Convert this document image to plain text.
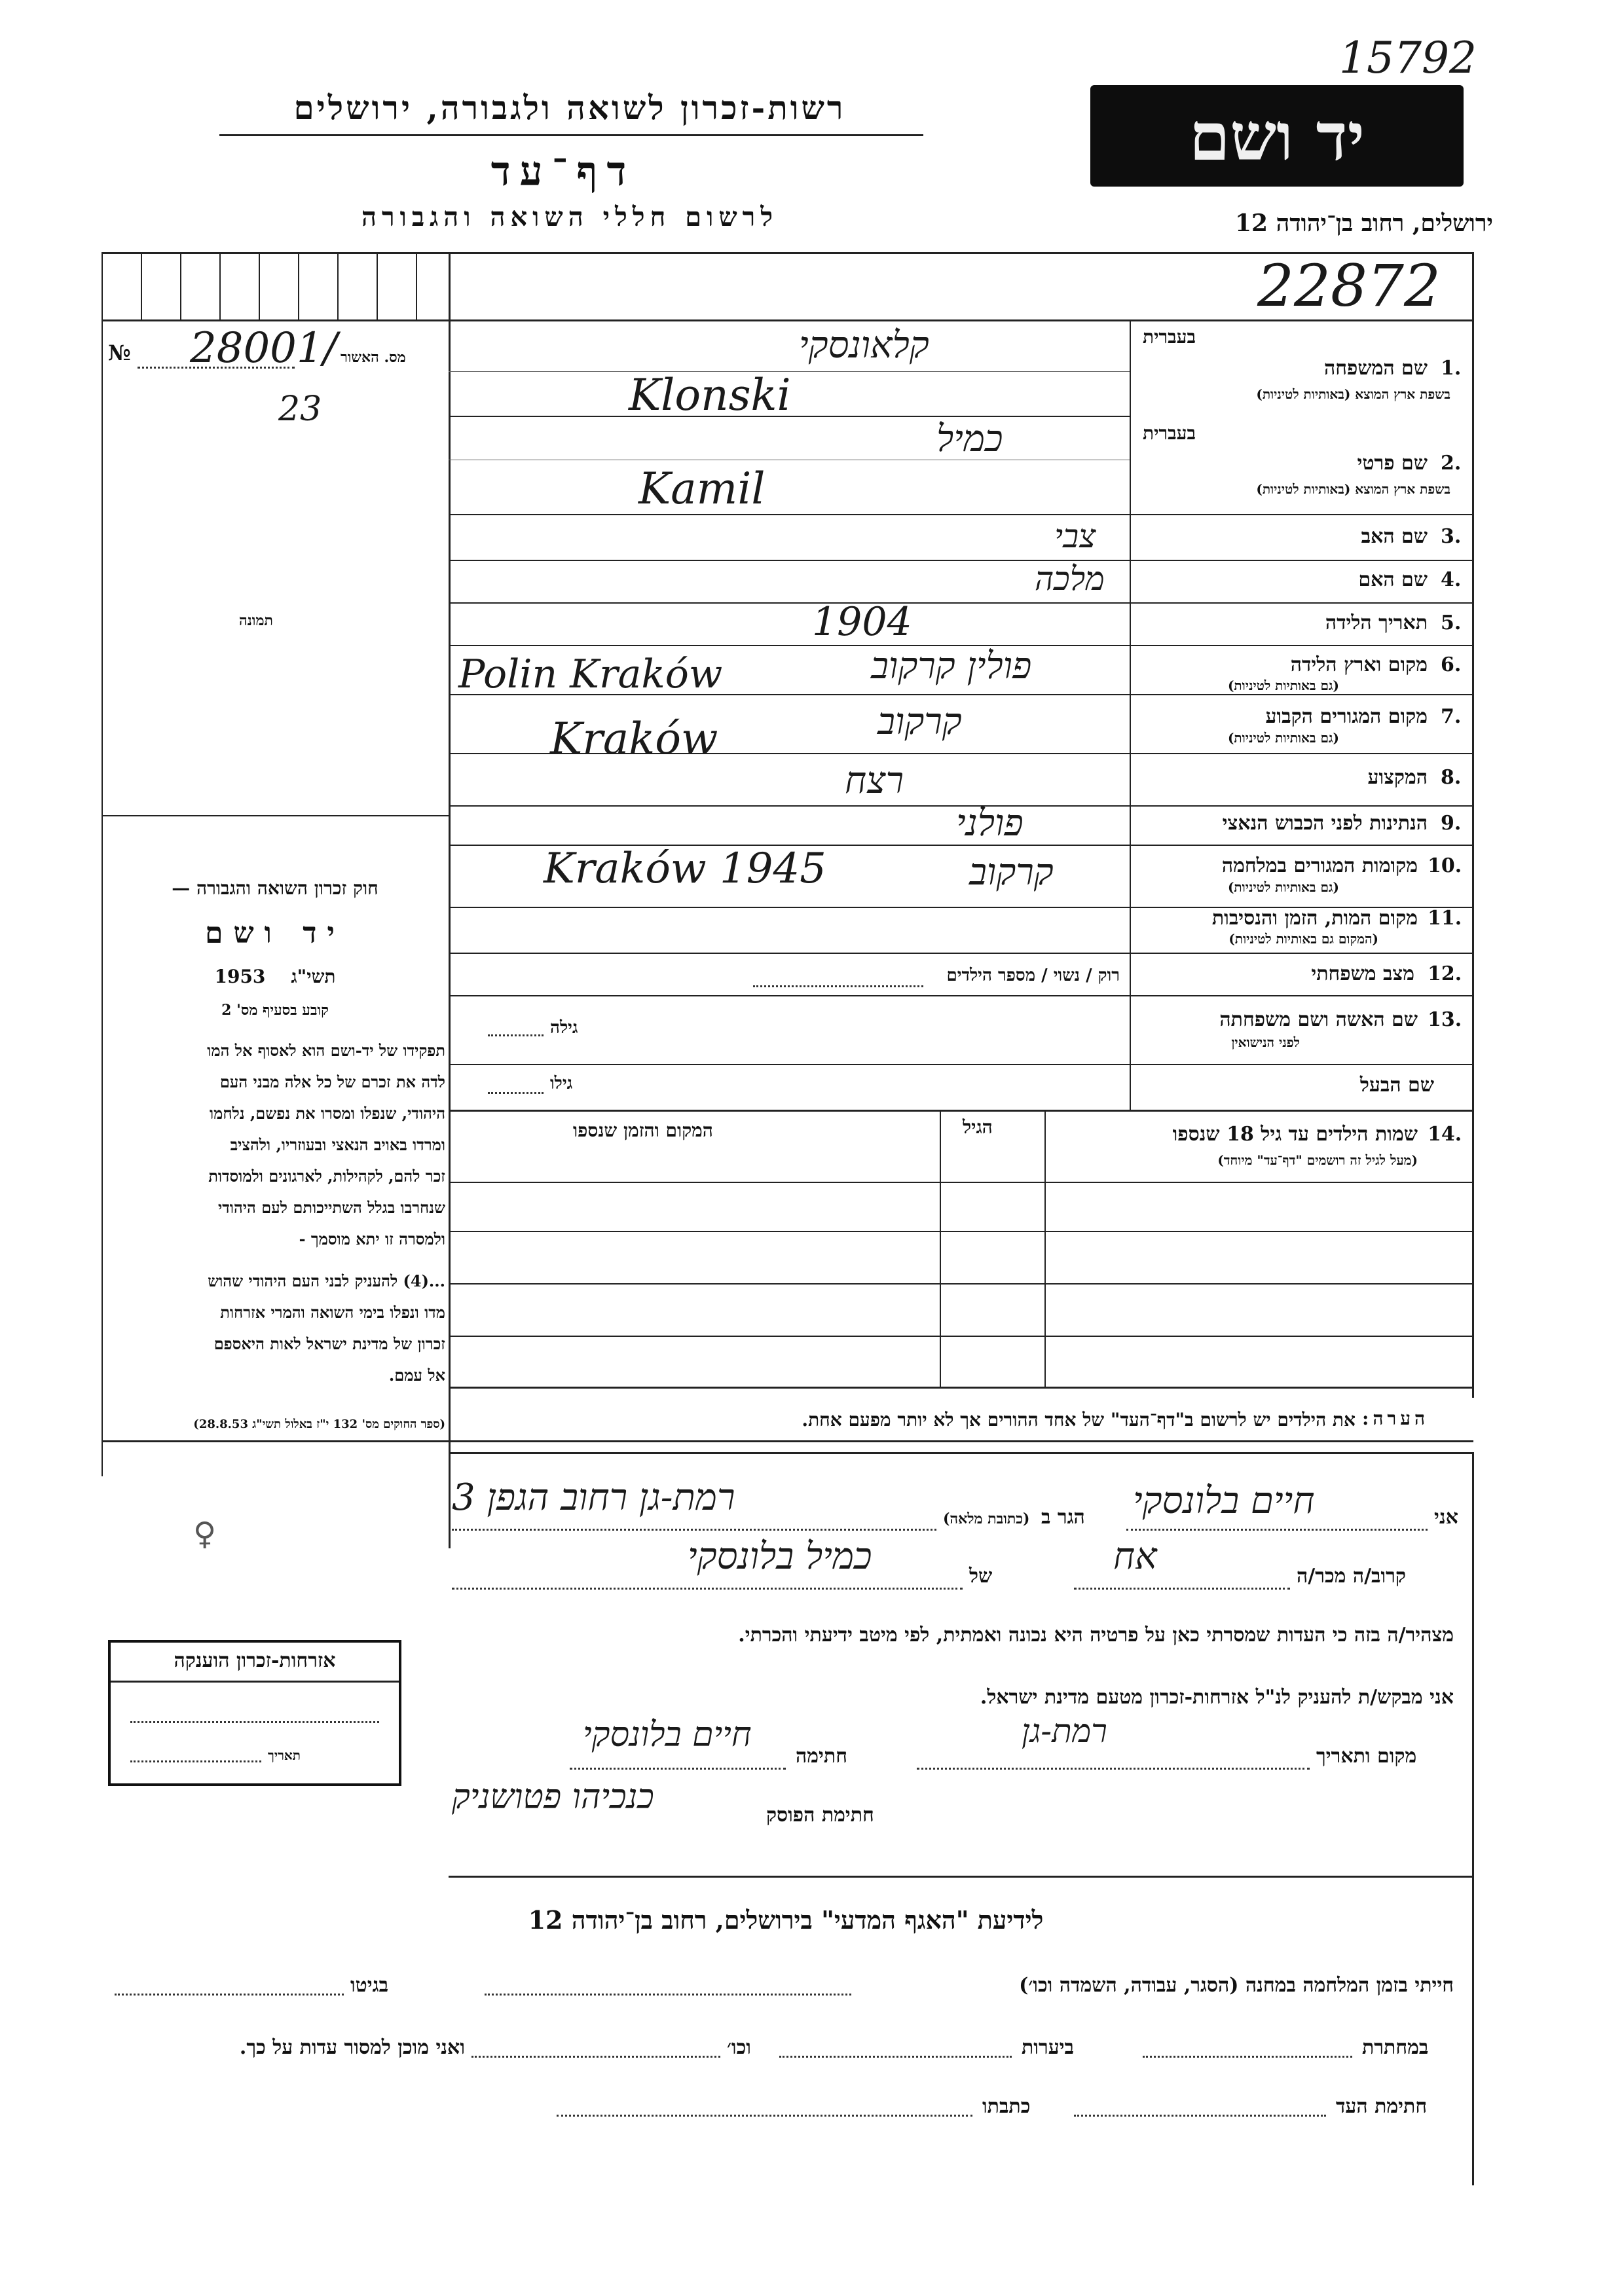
15792
יד ושם
רשות-זכרון לשואה ולגבורה, ירושלים
דף־עד
לרשום חללי השואה והגבורה	ירושלים, רחוב בן־יהודה 12
22872
№ 28001/
23
מס. האשור
תמונה
חוק זכרון השואה והגבורה —
יד ושם
תשי"ג    1953
קובע בסעיף מס' 2
תפקידו של יד-ושם הוא לאסוף אל המו
לדה את זכרם של כל אלה מבני העם
היהודי, שנפלו ומסרו את נפשם, נלחמו
ומרדו באויב הנאצי ובעוזריו, ולהציב
זכר להם, לקהילות, לארגונים ולמוסדות
שנחרבו בגלל השתייכותם לעם היהודי
ולמסרה זו יתא מוסמך -
...(4) להעניק לבני העם היהודי שהוש
מדו ונפלו בימי השואה והמרי אזרחות
זכרון של מדינת ישראל לאות היאספם
אל עמם.
(ספר החוקים מס' 132 י"ז באלול תשי"ג 28.8.53)
אזרחות-זכרון הוענקה
תאריך
♀
בעברית
1.
שם המשפחה
בשפת ארץ המוצא (באותיות לטיניות)
קלאונסקי
Klonski
בעברית
2.
שם פרטי
בשפת ארץ המוצא (באותיות לטיניות)
כמיל
Kamil
3.
שם האב
צבי
4.
שם האם
מלכה
5.
תאריך הלידה
1904
6.
מקום וארץ הלידה
(גם באותיות לטיניות)
פולין קרקוב
Polin Kraków
7.
מקום המגורים הקבוע
(גם באותיות לטיניות)
קרקוב
Kraków
8.
המקצוע
רצח
9.
הנתינות לפני הכבוש הנאצי
פולני
10.
מקומות המגורים במלחמה
(גם באותיות לטיניות)
קרקוב
Kraków 1945
11.
מקום המות, הזמן והנסיבות
(המקום גם באותיות לטיניות)
12.
מצב משפחתי
רוק / נשוי / מספר הילדים
13.
שם האשה ושם משפחתה
לפני הנישואין
גילה
שם הבעל
גילו
14.
שמות הילדים עד גיל 18 שנספו
(מעל לגיל זה רושמים "דף־עד" מיוחד)
הגיל
המקום והזמן שנספו
הערה:
את הילדים יש לרשום ב"דף־העד" של אחד ההורים אך לא יותר מפעם אחת.
אני
חיים בלונסקי
הגר ב
(כתובת מלאה)
רמת-גן רחוב הגפן 3
קרוב/ה מכר/ה
אח
של
כמיל בלונסקי
מצהיר/ה בזה כי העדות שמסרתי כאן על פרטיה היא נכונה ואמתית, לפי מיטב ידיעתי והכרתי.
אני מבקש/ת להעניק לנ"ל אזרחות-זכרון מטעם מדינת ישראל.
מקום ותאריך
רמת-גן
חתימה
חיים בלונסקי
חתימת הפוסק
כנכיהו פטושניק
לידיעת "האגף המדעי" בירושלים, רחוב בן־יהודה 12
חייתי בזמן המלחמה במחנה (הסגר, עבודה, השמדה וכו׳)
בגיטו
במחתרת
ביערות
וכו׳
ואני מוכן למסור עדות על כך.
חתימת העד
כתבתו
